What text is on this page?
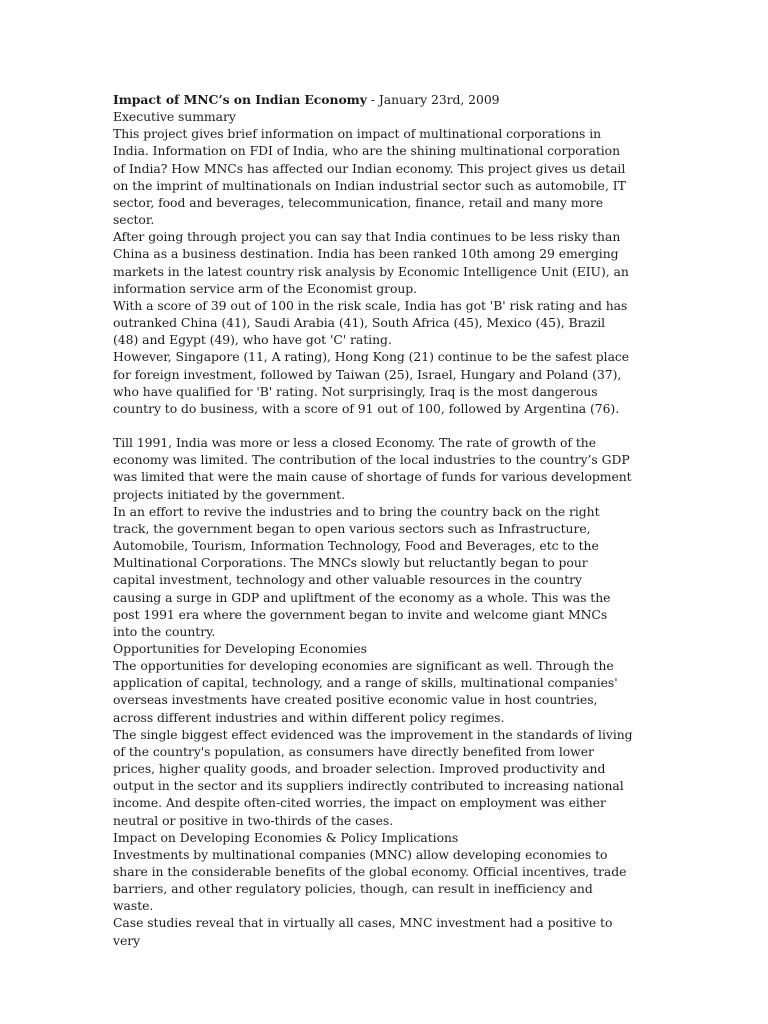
Impact of MNC’s on Indian Economy - January 23rd, 2009

Executive summary

This project gives brief information on impact of multinational corporations in India. Information on FDI of India, who are the shining multinational corporation of India? How MNCs has affected our Indian economy. This project gives us detail on the imprint of multinationals on Indian industrial sector such as automobile, IT sector, food and beverages, telecommunication, finance, retail and many more sector.

After going through project you can say that India continues to be less risky than China as a business destination. India has been ranked 10th among 29 emerging markets in the latest country risk analysis by Economic Intelligence Unit (EIU), an information service arm of the Economist group.

With a score of 39 out of 100 in the risk scale, India has got 'B' risk rating and has outranked China (41), Saudi Arabia (41), South Africa (45), Mexico (45), Brazil (48) and Egypt (49), who have got 'C' rating.

However, Singapore (11, A rating), Hong Kong (21) continue to be the safest place for foreign investment, followed by Taiwan (25), Israel, Hungary and Poland (37), who have qualified for 'B' rating. Not surprisingly, Iraq is the most dangerous country to do business, with a score of 91 out of 100, followed by Argentina (76).

Till 1991, India was more or less a closed Economy. The rate of growth of the economy was limited. The contribution of the local industries to the country’s GDP was limited that were the main cause of shortage of funds for various development projects initiated by the government.

In an effort to revive the industries and to bring the country back on the right track, the government began to open various sectors such as Infrastructure, Automobile, Tourism, Information Technology, Food and Beverages, etc to the Multinational Corporations. The MNCs slowly but reluctantly began to pour capital investment, technology and other valuable resources in the country causing a surge in GDP and upliftment of the economy as a whole. This was the post 1991 era where the government began to invite and welcome giant MNCs into the country.

Opportunities for Developing Economies

The opportunities for developing economies are significant as well. Through the application of capital, technology, and a range of skills, multinational companies' overseas investments have created positive economic value in host countries, across different industries and within different policy regimes.

The single biggest effect evidenced was the improvement in the standards of living of the country's population, as consumers have directly benefited from lower prices, higher quality goods, and broader selection. Improved productivity and output in the sector and its suppliers indirectly contributed to increasing national income. And despite often-cited worries, the impact on employment was either neutral or positive in two-thirds of the cases.

Impact on Developing Economies & Policy Implications

Investments by multinational companies (MNC) allow developing economies to share in the considerable benefits of the global economy. Official incentives, trade barriers, and other regulatory policies, though, can result in inefficiency and waste.

Case studies reveal that in virtually all cases, MNC investment had a positive to very
